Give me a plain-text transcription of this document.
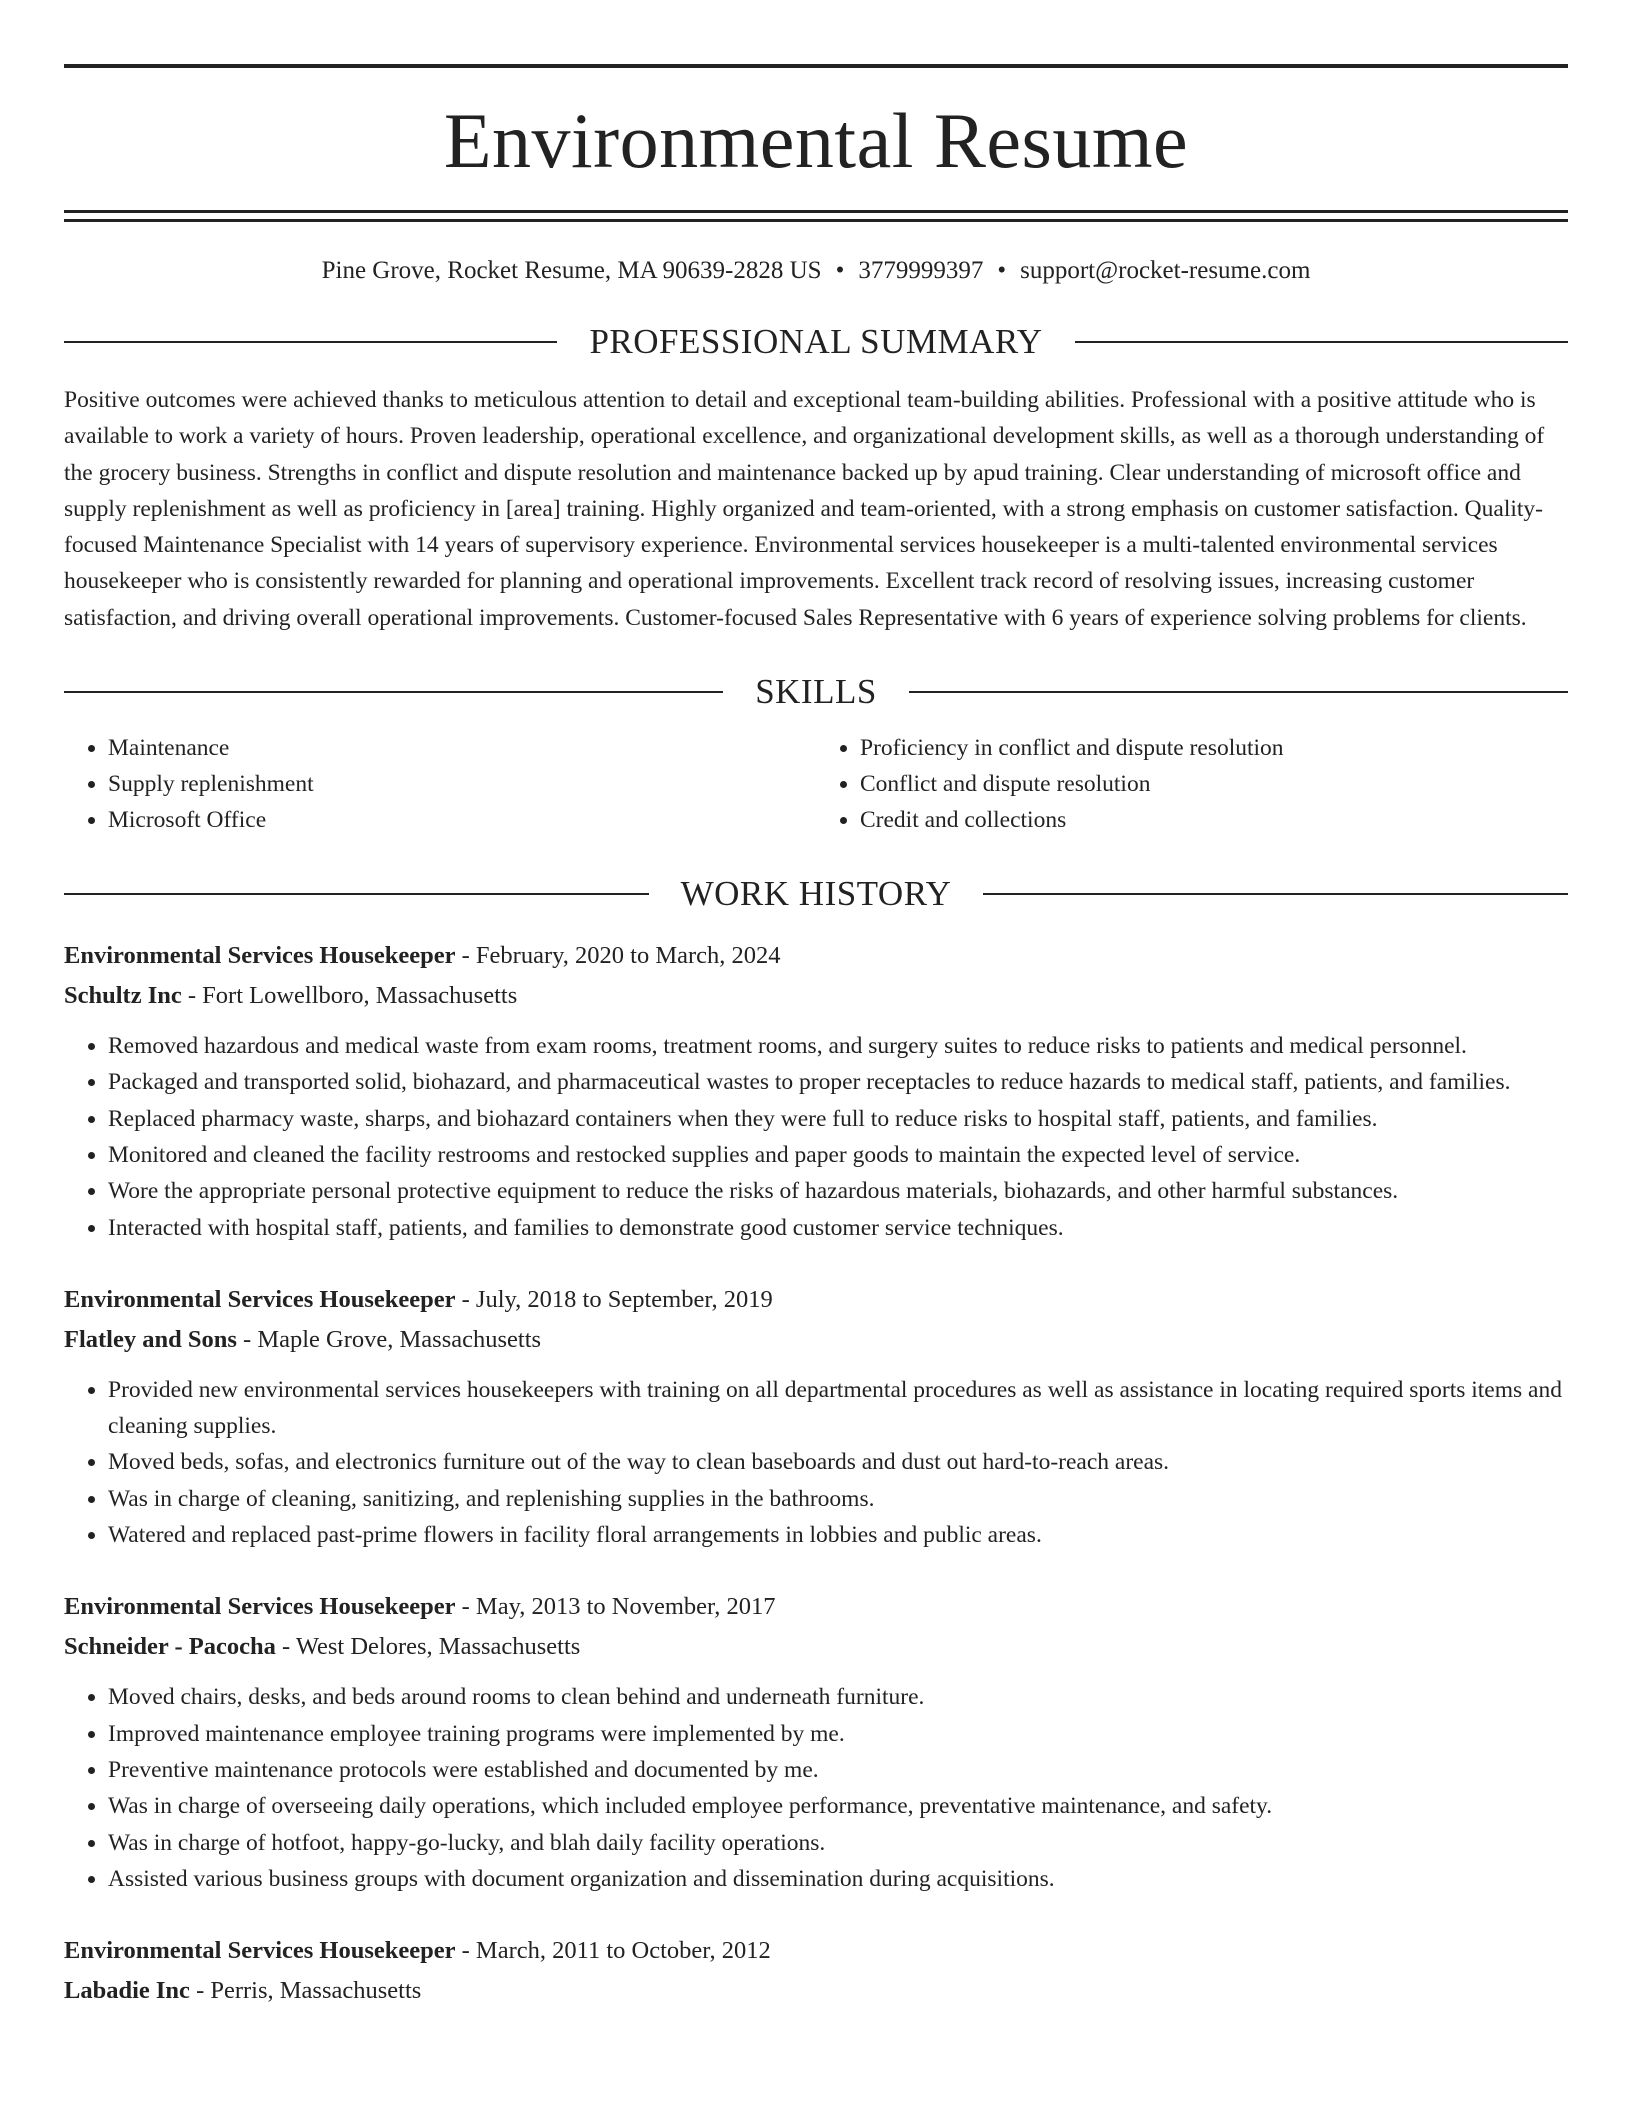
Environmental Resume
Pine Grove, Rocket Resume, MA 90639-2828 US • 3779999397 • support@rocket-resume.com
PROFESSIONAL SUMMARY
Positive outcomes were achieved thanks to meticulous attention to detail and exceptional team-building abilities. Professional with a positive attitude who is available to work a variety of hours. Proven leadership, operational excellence, and organizational development skills, as well as a thorough understanding of the grocery business. Strengths in conflict and dispute resolution and maintenance backed up by apud training. Clear understanding of microsoft office and supply replenishment as well as proficiency in [area] training. Highly organized and team-oriented, with a strong emphasis on customer satisfaction. Quality-focused Maintenance Specialist with 14 years of supervisory experience. Environmental services housekeeper is a multi-talented environmental services housekeeper who is consistently rewarded for planning and operational improvements. Excellent track record of resolving issues, increasing customer satisfaction, and driving overall operational improvements. Customer-focused Sales Representative with 6 years of experience solving problems for clients.
SKILLS
• Maintenance
• Supply replenishment
• Microsoft Office
• Proficiency in conflict and dispute resolution
• Conflict and dispute resolution
• Credit and collections
WORK HISTORY
Environmental Services Housekeeper - February, 2020 to March, 2024
Schultz Inc - Fort Lowellboro, Massachusetts
• Removed hazardous and medical waste from exam rooms, treatment rooms, and surgery suites to reduce risks to patients and medical personnel.
• Packaged and transported solid, biohazard, and pharmaceutical wastes to proper receptacles to reduce hazards to medical staff, patients, and families.
• Replaced pharmacy waste, sharps, and biohazard containers when they were full to reduce risks to hospital staff, patients, and families.
• Monitored and cleaned the facility restrooms and restocked supplies and paper goods to maintain the expected level of service.
• Wore the appropriate personal protective equipment to reduce the risks of hazardous materials, biohazards, and other harmful substances.
• Interacted with hospital staff, patients, and families to demonstrate good customer service techniques.
Environmental Services Housekeeper - July, 2018 to September, 2019
Flatley and Sons - Maple Grove, Massachusetts
• Provided new environmental services housekeepers with training on all departmental procedures as well as assistance in locating required sports items and cleaning supplies.
• Moved beds, sofas, and electronics furniture out of the way to clean baseboards and dust out hard-to-reach areas.
• Was in charge of cleaning, sanitizing, and replenishing supplies in the bathrooms.
• Watered and replaced past-prime flowers in facility floral arrangements in lobbies and public areas.
Environmental Services Housekeeper - May, 2013 to November, 2017
Schneider - Pacocha - West Delores, Massachusetts
• Moved chairs, desks, and beds around rooms to clean behind and underneath furniture.
• Improved maintenance employee training programs were implemented by me.
• Preventive maintenance protocols were established and documented by me.
• Was in charge of overseeing daily operations, which included employee performance, preventative maintenance, and safety.
• Was in charge of hotfoot, happy-go-lucky, and blah daily facility operations.
• Assisted various business groups with document organization and dissemination during acquisitions.
Environmental Services Housekeeper - March, 2011 to October, 2012
Labadie Inc - Perris, Massachusetts
